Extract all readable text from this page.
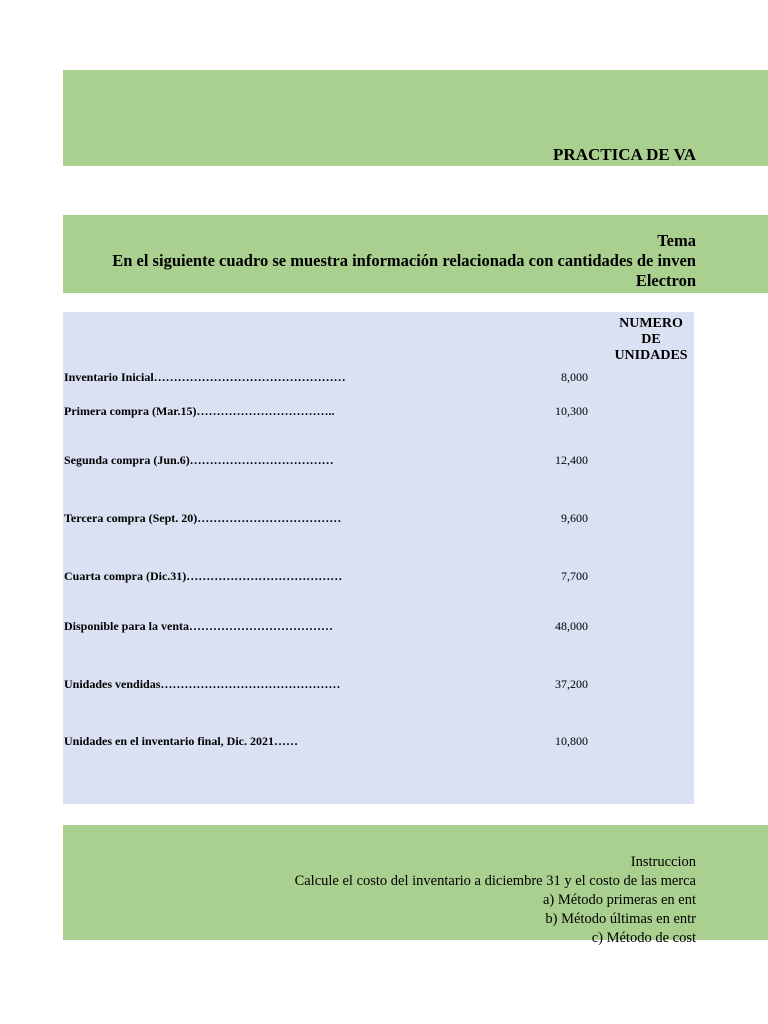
PRACTICA DE VA
Tema
En el siguiente cuadro se muestra información relacionada con cantidades de inven
Electron
NUMERO
DE
UNIDADES
Inventario Inicial…………………………………………	8,000
Primera compra (Mar.15)……………………………..	10,300
Segunda compra (Jun.6)………………………………	12,400
Tercera compra (Sept. 20)………………………………	9,600
Cuarta compra (Dic.31)…………………………………	7,700
Disponible para la venta………………………………	48,000
Unidades vendidas………………………………………	37,200
Unidades en el inventario final, Dic. 2021……	10,800
Instruccion
Calcule el costo del inventario a diciembre 31 y el costo de las merca
a) Método primeras en ent
b) Método últimas en entr
c) Método de cost
